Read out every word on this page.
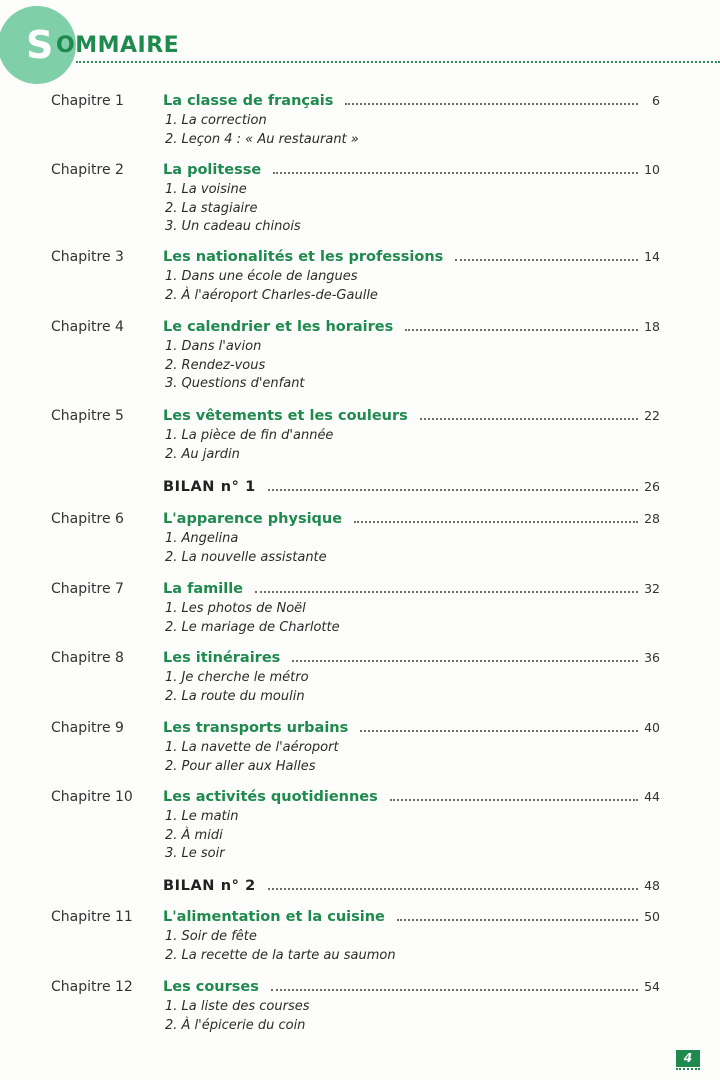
S OMMAIRE
Chapitre 1	La classe de français	6
1. La correction
2. Leçon 4 : « Au restaurant »
Chapitre 2	La politesse	10
1. La voisine
2. La stagiaire
3. Un cadeau chinois
Chapitre 3	Les nationalités et les professions	14
1. Dans une école de langues
2. À l'aéroport Charles-de-Gaulle
Chapitre 4	Le calendrier et les horaires	18
1. Dans l'avion
2. Rendez-vous
3. Questions d'enfant
Chapitre 5	Les vêtements et les couleurs	22
1. La pièce de fin d'année
2. Au jardin
BILAN n° 1	26
Chapitre 6	L'apparence physique	28
1. Angelina
2. La nouvelle assistante
Chapitre 7	La famille	32
1. Les photos de Noël
2. Le mariage de Charlotte
Chapitre 8	Les itinéraires	36
1. Je cherche le métro
2. La route du moulin
Chapitre 9	Les transports urbains	40
1. La navette de l'aéroport
2. Pour aller aux Halles
Chapitre 10 Les activités quotidiennes	44
1. Le matin
2. À midi
3. Le soir
BILAN n° 2	48
Chapitre 11 L'alimentation et la cuisine	50
1. Soir de fête
2. La recette de la tarte au saumon
Chapitre 12 Les courses	54
1. La liste des courses
2. À l'épicerie du coin
4
